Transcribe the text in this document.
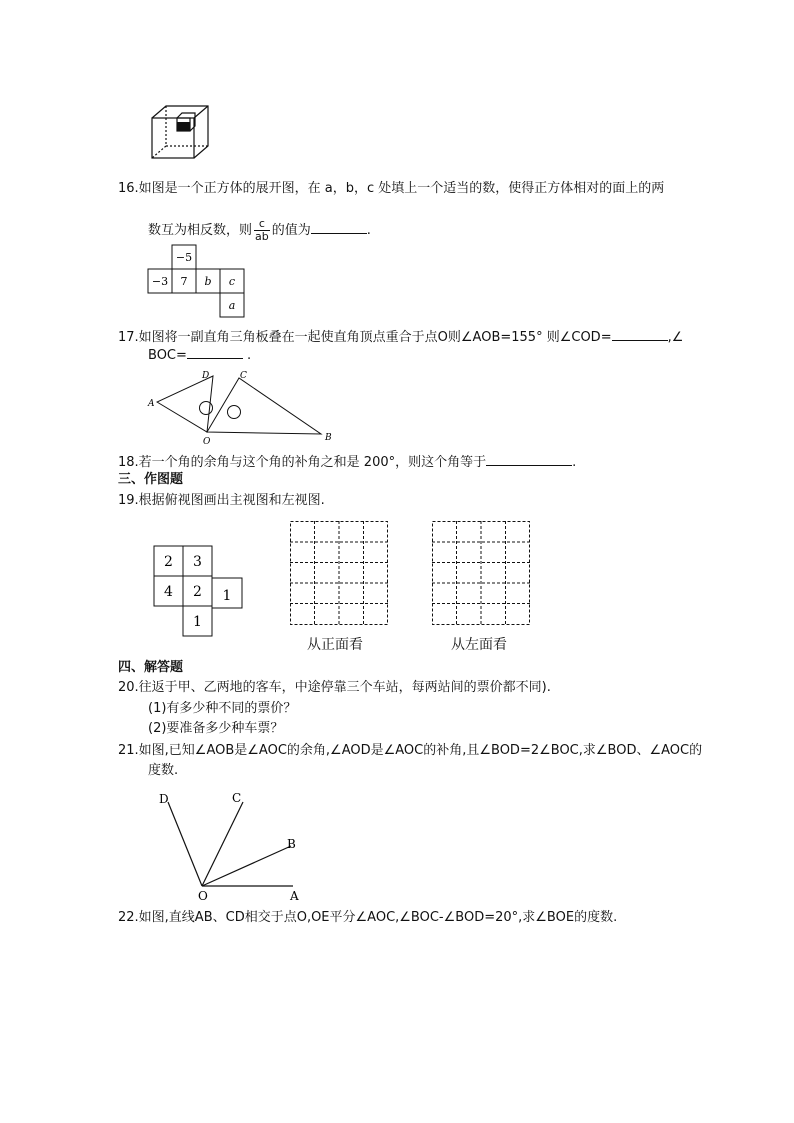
16.如图是一个正方体的展开图，在 a，b，c 处填上一个适当的数，使得正方体相对的面上的两
数互为相反数，则 $\frac{c}{ab}$ 的值为	.
−5
−3 7 b c
a
17.如图将一副直角三角板叠在一起使直角顶点重合于点O则∠AOB=155° 则∠COD=	,∠
BOC=	.
A
D	C
O	B
18.若一个角的余角与这个角的补角之和是 200°，则这个角等于	.
三、作图题
19.根据俯视图画出主视图和左视图.
2 3
4 2 1
1
从正面看	从左面看
四、解答题
20.往返于甲、乙两地的客车，中途停靠三个车站，每两站间的票价都不同).
(1)有多少种不同的票价？
(2)要准备多少种车票？
21.如图,已知∠AOB是∠AOC的余角,∠AOD是∠AOC的补角,且∠BOD=2∠BOC,求∠BOD、∠AOC的
度数.
D	C
B
O	A
22.如图,直线AB、CD相交于点O,OE平分∠AOC,∠BOC-∠BOD=20°,求∠BOE的度数.
